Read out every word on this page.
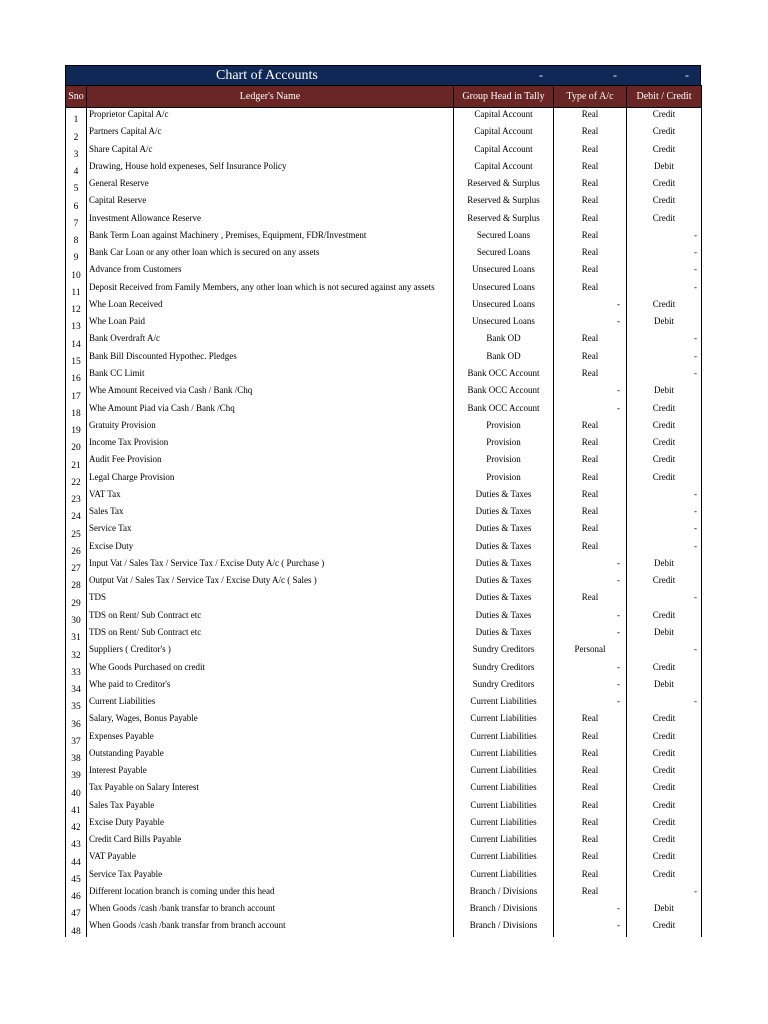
Chart of Accounts	-	-	-
Sno	Ledger's Name	Group Head in Tally	Type of A/c	Debit / Credit
1	Proprietor Capital A/c	Capital Account	Real	Credit
2	Partners Capital A/c	Capital Account	Real	Credit
3	Share Capital A/c	Capital Account	Real	Credit
4	Drawing, House hold expeneses, Self Insurance Policy	Capital Account	Real	Debit
5	General Reserve	Reserved & Surplus	Real	Credit
6	Capital Reserve	Reserved & Surplus	Real	Credit
7	Investment Allowance Reserve	Reserved & Surplus	Real	Credit
8	Bank Term Loan against Machinery , Premises, Equipment, FDR/Investment	Secured Loans	Real	-
9	Bank Car Loan or any other loan which is secured on any assets	Secured Loans	Real	-
10	Advance from Customers	Unsecured Loans	Real	-
11	Deposit Received from Family Members, any other loan which is not secured against any assets	Unsecured Loans	Real	-
12	Whe Loan Received	Unsecured Loans	-	Credit
13	Whe Loan Paid	Unsecured Loans	-	Debit
14	Bank Overdraft A/c	Bank OD	Real	-
15	Bank Bill Discounted Hypothec. Pledges	Bank OD	Real	-
16	Bank CC Limit	Bank OCC Account	Real	-
17	Whe Amount Received via Cash / Bank /Chq	Bank OCC Account	-	Debit
18	Whe Amount Piad via Cash / Bank /Chq	Bank OCC Account	-	Credit
19	Gratuity Provision	Provision	Real	Credit
20	Income Tax Provision	Provision	Real	Credit
21	Audit Fee Provision	Provision	Real	Credit
22	Legal Charge Provision	Provision	Real	Credit
23	VAT Tax	Duties & Taxes	Real	-
24	Sales Tax	Duties & Taxes	Real	-
25	Service Tax	Duties & Taxes	Real	-
26	Excise Duty	Duties & Taxes	Real	-
27	Input Vat / Sales Tax / Service Tax / Excise Duty A/c ( Purchase )	Duties & Taxes	-	Debit
28	Output Vat / Sales Tax / Service Tax / Excise Duty A/c ( Sales )	Duties & Taxes	-	Credit
29	TDS	Duties & Taxes	Real	-
30	TDS on Rent/ Sub Contract etc	Duties & Taxes	-	Credit
31	TDS on Rent/ Sub Contract etc	Duties & Taxes	-	Debit
32	Suppliers ( Creditor's )	Sundry Creditors	Personal	-
33	Whe Goods Purchased on credit	Sundry Creditors	-	Credit
34	Whe paid to Creditor's	Sundry Creditors	-	Debit
35	Current Liabilities	Current Liabilities	-	-
36	Salary, Wages, Bonus Payable	Current Liabilities	Real	Credit
37	Expenses Payable	Current Liabilities	Real	Credit
38	Outstanding Payable	Current Liabilities	Real	Credit
39	Interest Payable	Current Liabilities	Real	Credit
40	Tax Payable on Salary Interest	Current Liabilities	Real	Credit
41	Sales Tax Payable	Current Liabilities	Real	Credit
42	Excise Duty Payable	Current Liabilities	Real	Credit
43	Credit Card Bills Payable	Current Liabilities	Real	Credit
44	VAT Payable	Current Liabilities	Real	Credit
45	Service Tax Payable	Current Liabilities	Real	Credit
46	Different location branch is coming under this head	Branch / Divisions	Real	-
47	When Goods /cash /bank transfar to branch account	Branch / Divisions	-	Debit
48	When Goods /cash /bank transfar from branch account	Branch / Divisions	-	Credit
